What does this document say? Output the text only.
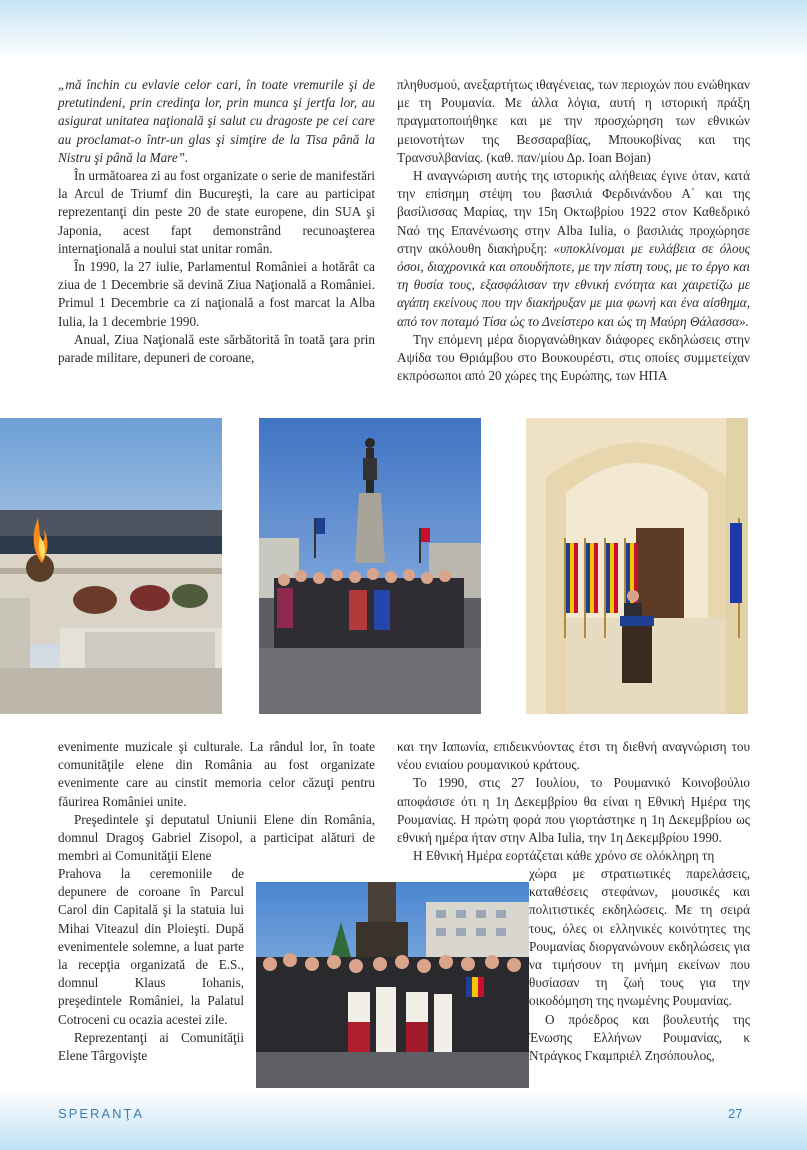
„mă închin cu evlavie celor cari, în toate vremurile şi de pretutindeni, prin credinţa lor, prin munca şi jertfa lor, au asigurat unitatea naţională şi salut cu dragoste pe cei care au proclamat-o într-un glas şi simţire de la Tisa până la Nistru şi până la Mare”.

În următoarea zi au fost organizate o serie de manifestări la Arcul de Triumf din Bucureşti, la care au participat reprezentanţi din peste 20 de state europene, din SUA şi Japonia, acest fapt demonstrând recunoaşterea internaţională a noului stat unitar român.

În 1990, la 27 iulie, Parlamentul României a hotărât ca ziua de 1 Decembrie să devină Ziua Naţională a României. Primul 1 Decembrie ca zi naţională a fost marcat la Alba Iulia, la 1 decembrie 1990.

Anual, Ziua Naţională este sărbătorită în toată ţara prin parade militare, depuneri de coroane,

πληθυσμού, ανεξαρτήτως ιθαγένειας, των περιοχών που ενώθηκαν με τη Ρουμανία. Με άλλα λόγια, αυτή η ιστορική πράξη πραγματοποιήθηκε και με την προσχώρηση των εθνικών μειονοτήτων της Βεσσαραβίας, Μπουκοβίνας και της Τρανσυλβανίας. (καθ. παν/μίου Δρ. Ioan Bojan)

Η αναγνώριση αυτής της ιστορικής αλήθειας έγινε όταν, κατά την επίσημη στέψη του βασιλιά Φερδινάνδου Α΄ και της βασίλισσας Μαρίας, την 15η Οκτωβρίου 1922 στον Καθεδρικό Ναό της Επανένωσης στην Alba Iulia, ο βασιλιάς προχώρησε στην ακόλουθη διακήρυξη: «υποκλίνομαι με ευλάβεια σε όλους όσοι, διαχρονικά και οπουδήποτε, με την πίστη τους, με το έργο και τη θυσία τους, εξασφάλισαν την εθνική ενότητα και χαιρετίζω με αγάπη εκείνους που την διακήρυξαν με μια φωνή και ένα αίσθημα, από τον ποταμό Τίσα ώς το Δνείστερο και ώς τη Μαύρη Θάλασσα».

Την επόμενη μέρα διοργανώθηκαν διάφορες εκδηλώσεις στην Αψίδα του Θριάμβου στο Βουκουρέστι, στις οποίες συμμετείχαν εκπρόσωποι από 20 χώρες της Ευρώπης, των ΗΠΑ

evenimente muzicale şi culturale. La rândul lor, în toate comunităţile elene din România au fost organizate evenimente care au cinstit memoria celor căzuţi pentru făurirea României unite.

Preşedintele şi deputatul Uniunii Elene din România, domnul Dragoş Gabriel Zisopol, a participat alături de membri ai Comunităţii Elene

Prahova la ceremoniile de depunere de coroane în Parcul Carol din Capitală şi la statuia lui Mihai Viteazul din Ploieşti. După evenimentele solemne, a luat parte la recepţia organizată de E.S., domnul Klaus Iohanis, preşedintele României, la Palatul Cotroceni cu ocazia acestei zile.

Reprezentanţi ai Comunităţii Elene Târgovişte

και την Ιαπωνία, επιδεικνύοντας έτσι τη διεθνή αναγνώριση του νέου ενιαίου ρουμανικού κράτους.

Το 1990, στις 27 Ιουλίου, το Ρουμανικό Κοινοβούλιο αποφάσισε ότι η 1η Δεκεμβρίου θα είναι η Εθνική Ημέρα της Ρουμανίας. Η πρώτη φορά που γιορτάστηκε η 1η Δεκεμβρίου ως εθνική ημέρα ήταν στην Alba Iulia, την 1η Δεκεμβρίου 1990.

Η Εθνική Ημέρα εορτάζεται κάθε χρόνο σε ολόκληρη τη

χώρα με στρατιωτικές παρελάσεις, καταθέσεις στεφάνων, μουσικές και πολιτιστικές εκδηλώσεις. Με τη σειρά τους, όλες οι ελληνικές κοινότητες της Ρουμανίας διοργανώνουν εκδηλώσεις για να τιμήσουν τη μνήμη εκείνων που θυσίασαν τη ζωή τους για την οικοδόμηση της ηνωμένης Ρουμανίας.

Ο πρόεδρος και βουλευτής της Ένωσης Ελλήνων Ρουμανίας, κ Ντράγκος Γκαμπριέλ Ζησόπουλος,

SPERANŢA	27
